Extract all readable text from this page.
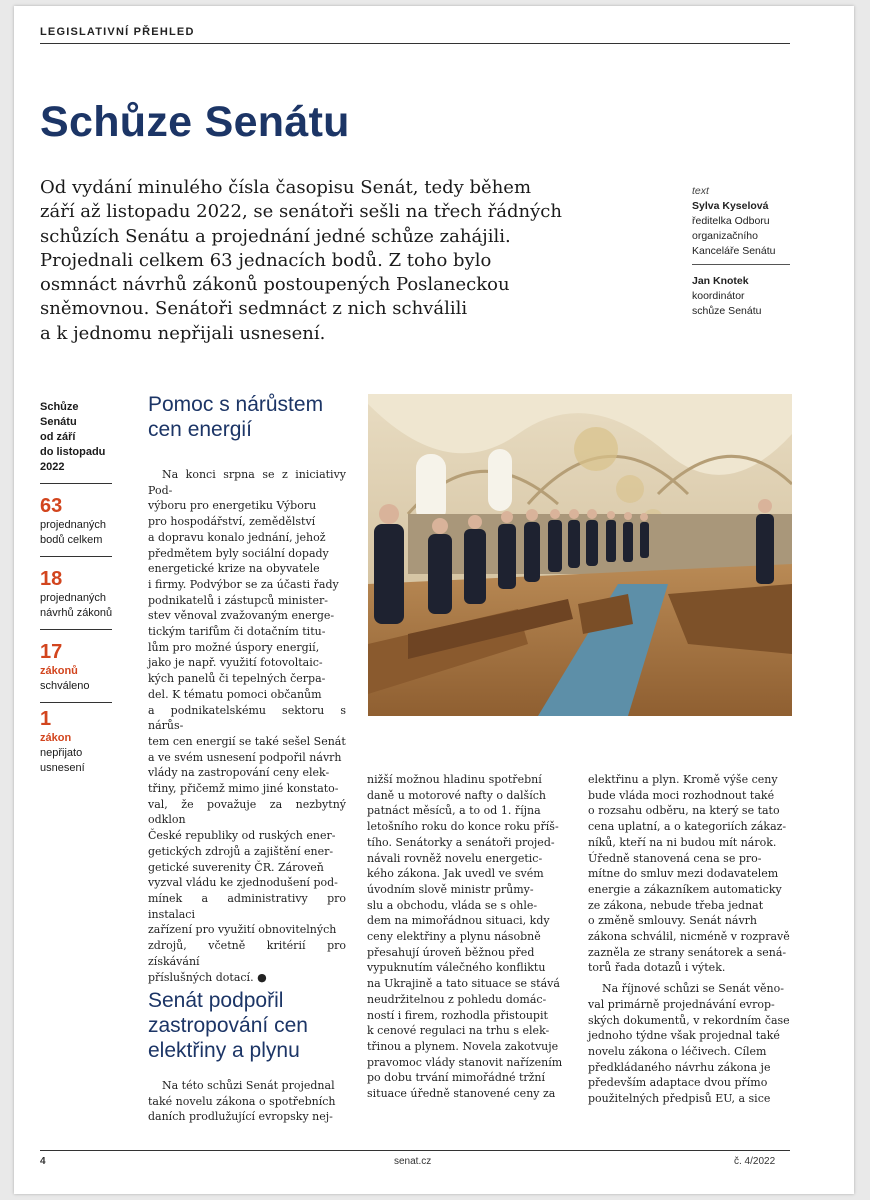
LEGISLATIVNÍ PŘEHLED
Schůze Senátu
Od vydání minulého čísla časopisu Senát, tedy během
září až listopadu 2022, se senátoři sešli na třech řádných
schůzích Senátu a projednání jedné schůze zahájili.
Projednali celkem 63 jednacích bodů. Z toho bylo
osmnáct návrhů zákonů postoupených Poslaneckou
sněmovnou. Senátoři sedmnáct z nich schválili
a k jednomu nepřijali usnesení.
text
Sylva Kyselová
ředitelka Odboru
organizačního
Kanceláře Senátu
Jan Knotek
koordinátor
schůze Senátu
Schůze
Senátu
od září
do listopadu
2022
63
projednaných
bodů celkem
18
projednaných
návrhů zákonů
17
zákonů
schváleno
1
zákon
nepřijato
usnesení
Pomoc s nárůstem
cen energií
Na konci srpna se z iniciativy Pod-
výboru pro energetiku Výboru
pro hospodářství, zemědělství
a dopravu konalo jednání, jehož
předmětem byly sociální dopady
energetické krize na obyvatele
i firmy. Podvýbor se za účasti řady
podnikatelů i zástupců minister-
stev věnoval zvažovaným energe-
tickým tarifům či dotačním titu-
lům pro možné úspory energií,
jako je např. využití fotovoltaic-
kých panelů či tepelných čerpa-
del. K tématu pomoci občanům
a podnikatelskému sektoru s nárůs-
tem cen energií se také sešel Senát
a ve svém usnesení podpořil návrh
vlády na zastropování ceny elek-
třiny, přičemž mimo jiné konstato-
val, že považuje za nezbytný odklon
České republiky od ruských ener-
getických zdrojů a zajištění ener-
getické suverenity ČR. Zároveň
vyzval vládu ke zjednodušení pod-
mínek a administrativy pro instalaci
zařízení pro využití obnovitelných
zdrojů, včetně kritérií pro získávání
příslušných dotací. ●
Senát podpořil
zastropování cen
elektřiny a plynu
Na této schůzi Senát projednal
také novelu zákona o spotřebních
daních prodlužující evropsky nej-
nižší možnou hladinu spotřební
daně u motorové nafty o dalších
patnáct měsíců, a to od 1. října
letošního roku do konce roku příš-
tího. Senátorky a senátoři projed-
návali rovněž novelu energetic-
kého zákona. Jak uvedl ve svém
úvodním slově ministr průmy-
slu a obchodu, vláda se s ohle-
dem na mimořádnou situaci, kdy
ceny elektřiny a plynu násobně
přesahují úroveň běžnou před
vypuknutím válečného konfliktu
na Ukrajině a tato situace se stává
neudržitelnou z pohledu domác-
ností i firem, rozhodla přistoupit
k cenové regulaci na trhu s elek-
třinou a plynem. Novela zakotvuje
pravomoc vlády stanovit nařízením
po dobu trvání mimořádné tržní
situace úředně stanovené ceny za
elektřinu a plyn. Kromě výše ceny
bude vláda moci rozhodnout také
o rozsahu odběru, na který se tato
cena uplatní, a o kategoriích zákaz-
níků, kteří na ni budou mít nárok.
Úředně stanovená cena se pro-
mítne do smluv mezi dodavatelem
energie a zákazníkem automaticky
ze zákona, nebude třeba jednat
o změně smlouvy. Senát návrh
zákona schválil, nicméně v rozpravě
zazněla ze strany senátorek a sená-
torů řada dotazů i výtek.
Na říjnové schůzi se Senát věno-
val primárně projednávání evrop-
ských dokumentů, v rekordním čase
jednoho týdne však projednal také
novelu zákona o léčivech. Cílem
předkládaného návrhu zákona je
především adaptace dvou přímo
použitelných předpisů EU, a sice
4	senat.cz	č. 4/2022
